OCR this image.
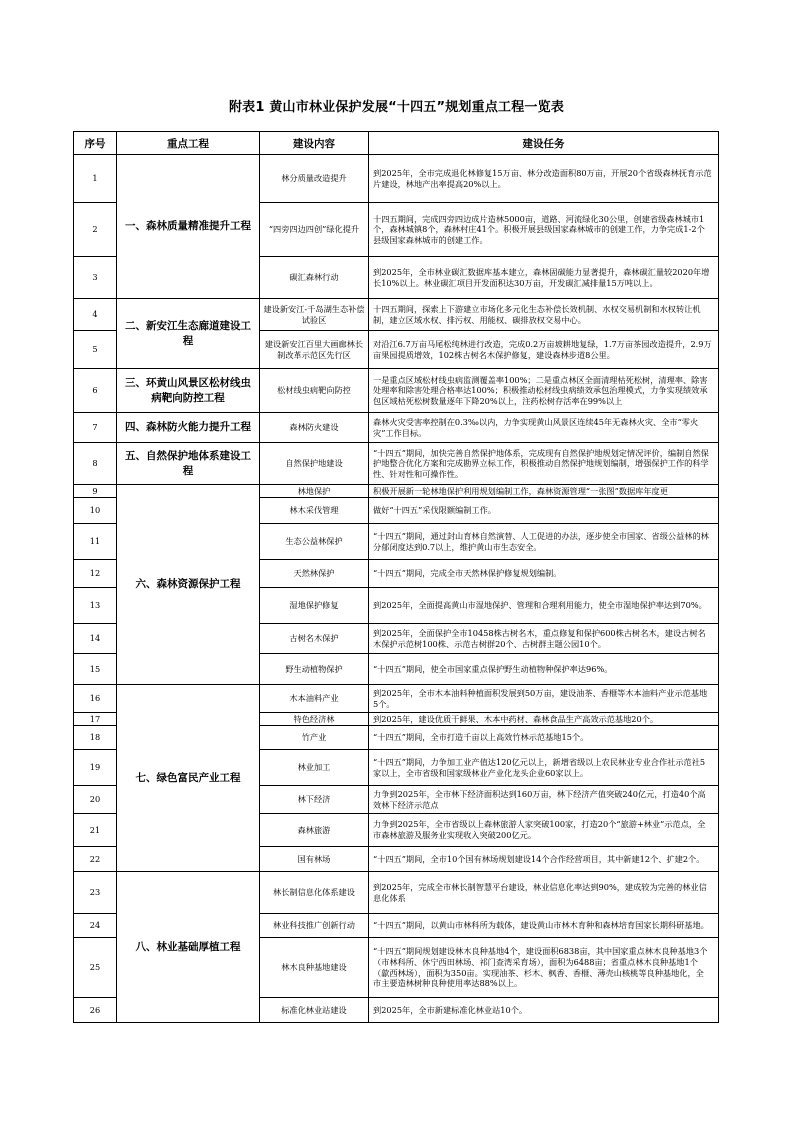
附表1 黄山市林业保护发展“十四五”规划重点工程一览表
序号	重点工程	建设内容	建设任务
1	一、森林质量精准提升工程	林分质量改造提升	到2025年，全市完成退化林修复15万亩、林分改造面积80万亩，开展20个省级森林抚育示范片建设，林地产出率提高20%以上。
2		“四旁四边四创”绿化提升	十四五期间，完成四旁四边成片造林5000亩，道路、河流绿化30公里，创建省级森林城市1个，森林城镇8个，森林村庄41个。积极开展县级国家森林城市的创建工作，力争完成1-2个县级国家森林城市的创建工作。
3		碳汇森林行动	到2025年，全市林业碳汇数据库基本建立，森林固碳能力显著提升，森林碳汇量较2020年增长10%以上。林业碳汇项目开发面积达30万亩，开发碳汇减排量15万吨以上。
4	二、新安江生态廊道建设工程	建设新安江-千岛湖生态补偿试验区	十四五期间，探索上下游建立市场化多元化生态补偿长效机制、水权交易机制和水权转让机制，建立区域水权、排污权、用能权、碳排放权交易中心。
5		建设新安江百里大画廊林长制改革示范区先行区	对沿江6.7万亩马尾松纯林进行改造，完成0.2万亩坡耕地复绿，1.7万亩茶园改造提升，2.9万亩果园提质增效，102株古树名木保护修复，建设森林步道8公里。
6	三、环黄山风景区松材线虫病靶向防控工程	松材线虫病靶向防控	一是重点区域松材线虫病监测覆盖率100%；二是重点林区全面清理枯死松树，清理率、除害处理率和除害处理合格率达100%；积极推动松材线虫病绩效承包治理模式，力争实现绩效承包区域枯死松树数量逐年下降20%以上，注药松树存活率在99%以上
7	四、森林防火能力提升工程	森林防火建设	森林火灾受害率控制在0.3‰以内，力争实现黄山风景区连续45年无森林火灾、全市“零火灾”工作目标。
8	五、自然保护地体系建设工程	自然保护地建设	“十四五”期间，加快完善自然保护地体系，完成现有自然保护地规划定情况评价，编制自然保护地整合优化方案和完成勘界立标工作，积极推动自然保护地规划编制，增强保护工作的科学性、针对性和可操作性。
9	六、森林资源保护工程	林地保护	积极开展新一轮林地保护利用规划编制工作，森林资源管理“一张图”数据库年度更
10		林木采伐管理	做好“十四五”采伐限额编制工作。
11		生态公益林保护	“十四五”期间，通过封山育林自然演替、人工促进的办法，逐步使全市国家、省级公益林的林分郁闭度达到0.7以上，维护黄山市生态安全。
12		天然林保护	“十四五”期间，完成全市天然林保护修复规划编制。
13		湿地保护修复	到2025年，全面提高黄山市湿地保护、管理和合理利用能力，使全市湿地保护率达到70%。
14		古树名木保护	到2025年，全面保护全市10458株古树名木，重点修复和保护600株古树名木，建设古树名木保护示范树100株、示范古树群20个、古树群主题公园10个。
15		野生动植物保护	“十四五”期间，使全市国家重点保护野生动植物种保护率达96%。
16	七、绿色富民产业工程	木本油料产业	到2025年，全市木本油料种植面积发展到50万亩，建设油茶、香榧等木本油料产业示范基地5个。
17		特色经济林	到2025年，建设优质干鲜果、木本中药材、森林食品生产高效示范基地20个。
18		竹产业	“十四五”期间，全市打造千亩以上高效竹林示范基地15个。
19		林业加工	“十四五”期间，力争加工业产值达120亿元以上，新增省级以上农民林业专业合作社示范社5家以上，全市省级和国家级林业产业化龙头企业60家以上。
20		林下经济	力争到2025年，全市林下经济面积达到160万亩，林下经济产值突破240亿元，打造40个高效林下经济示范点
21		森林旅游	力争到2025年，全市省级以上森林旅游人家突破100家，打造20个“旅游+林业”示范点，全市森林旅游及服务业实现收入突破200亿元。
22		国有林场	“十四五”期间，全市10个国有林场规划建设14个合作经营项目，其中新建12个、扩建2个。
23	八、林业基础厚植工程	林长制信息化体系建设	到2025年，完成全市林长制智慧平台建设，林业信息化率达到90%，建成较为完善的林业信息化体系
24		林业科技推广创新行动	“十四五”期间，以黄山市林科所为载体，建设黄山市林木育种和森林培育国家长期科研基地。
25		林木良种基地建设	“十四五”期间规划建设林木良种基地4个，建设面积6838亩，其中国家重点林木良种基地3个（市林科所、休宁西田林场、祁门查湾采育场），面积为6488亩；省重点林木良种基地1个（歙西林场），面积为350亩。实现油茶、杉木、枫香、香榧、薄壳山核桃等良种基地化，全市主要造林树种良种使用率达88%以上。
26		标准化林业站建设	到2025年，全市新建标准化林业站10个。
